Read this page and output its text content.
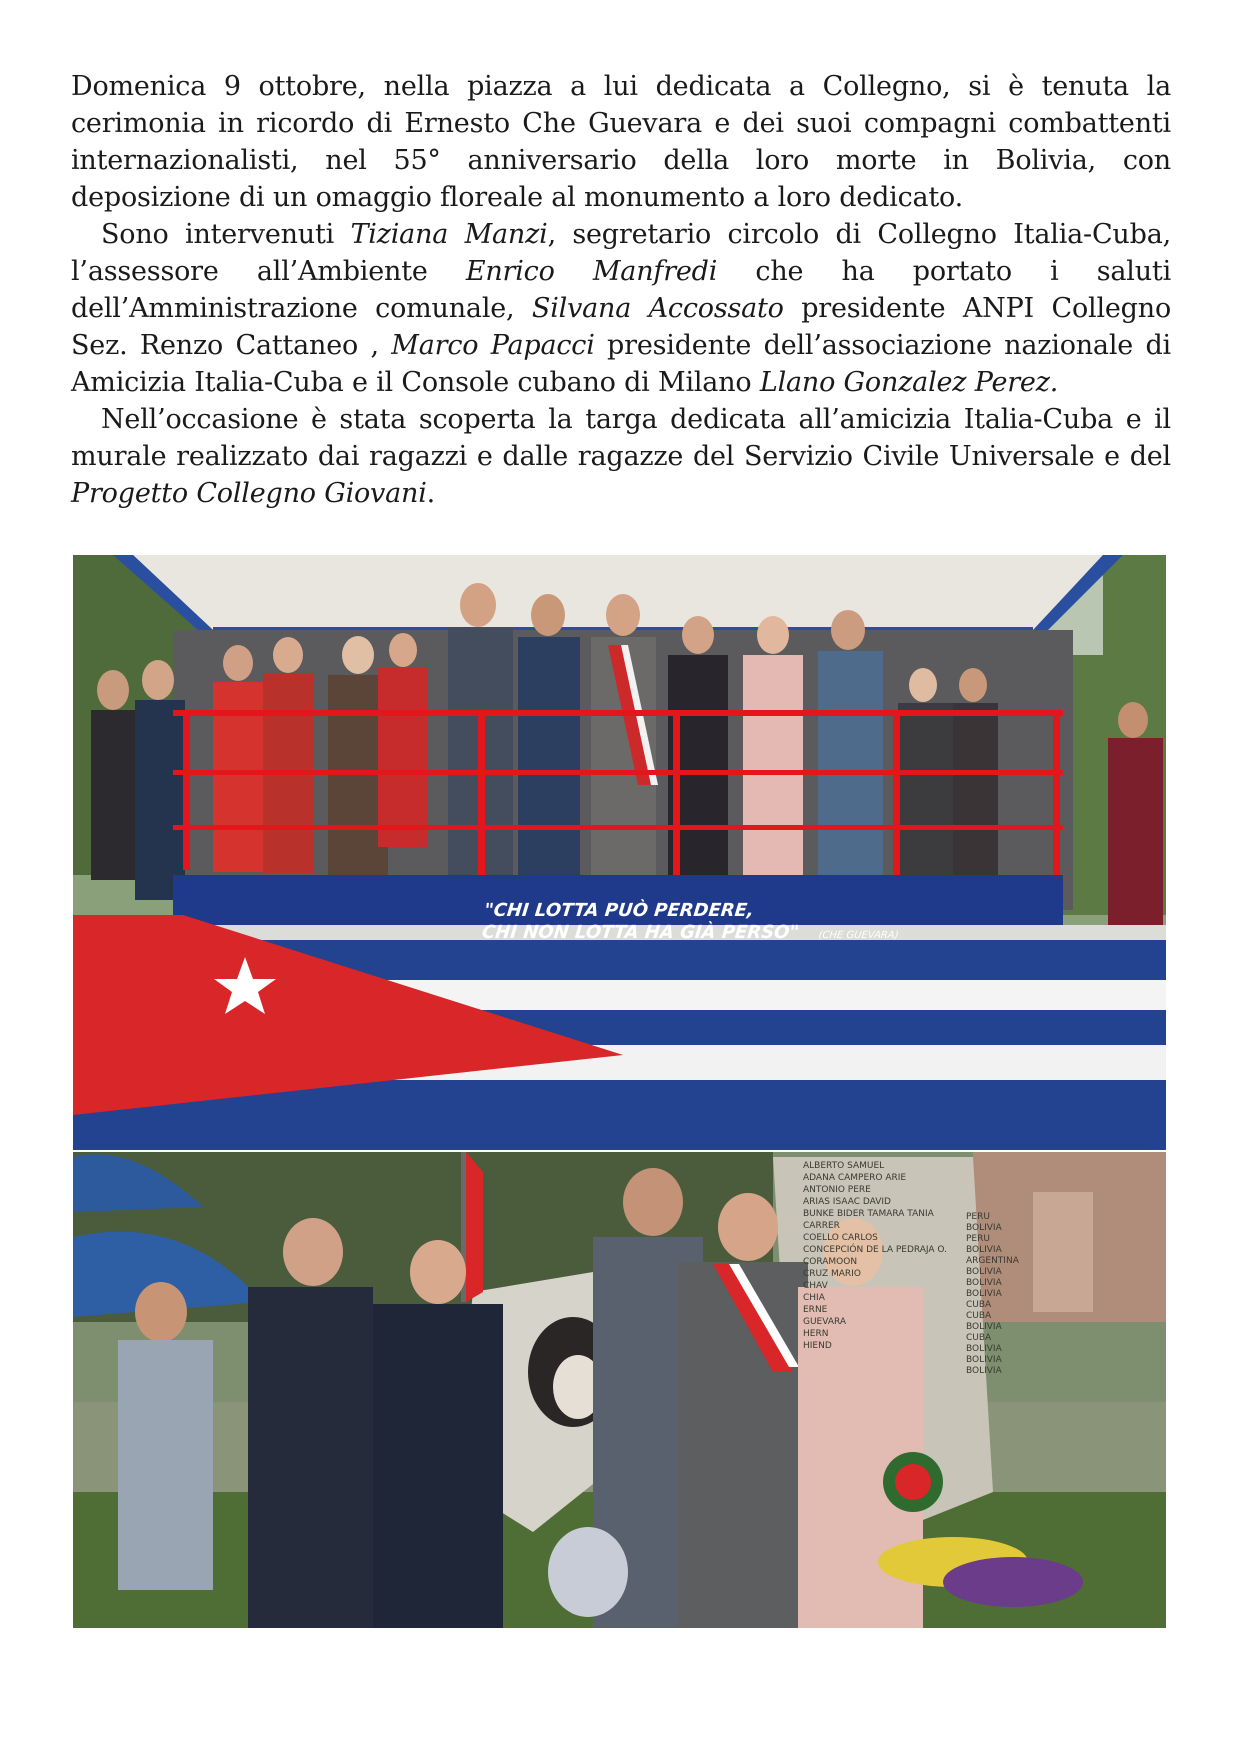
Domenica 9 ottobre, nella piazza a lui dedicata a Collegno, si è tenuta la cerimonia in ricordo di Ernesto Che Guevara e dei suoi compagni combattenti internazionalisti, nel 55° anniversario della loro morte in Bolivia, con deposizione di un omaggio floreale al monumento a loro dedicato.

Sono intervenuti Tiziana Manzi, segretario circolo di Collegno Italia-Cuba, l’assessore all’Ambiente Enrico Manfredi che ha portato i saluti dell’Amministrazione comunale, Silvana Accossato presidente ANPI Collegno Sez. Renzo Cattaneo , Marco Papacci presidente dell’associazione nazionale di Amicizia Italia-Cuba e il Console cubano di Milano Llano Gonzalez Perez.

Nell’occasione è stata scoperta la targa dedicata all’amicizia Italia-Cuba e il murale realizzato dai ragazzi e dalle ragazze del Servizio Civile Universale e del Progetto Collegno Giovani.

"CHI LOTTA PUÒ PERDERE,
CHI NON LOTTA HA GIÀ PERSO" (CHE GUEVARA)
ALBERTO SAMUEL
ADANA CAMPERO ARIE
ANTONIO PERE
ARIAS ISAAC DAVID
BUNKE BIDER TAMARA TANIA
CARRER
COELLO CARLOS
CONCEPCIÓN DE LA PEDRAJA O.
CORAMOON
CRUZ MARIO
CHAV
CHIA
ERNE
GUEVARA
HERN
HIEND
PERU
BOLIVIA
PERU
BOLIVIA
ARGENTINA
BOLIVIA
BOLIVIA
BOLIVIA
CUBA
CUBA
BOLIVIA
CUBA
BOLIVIA
BOLIVIA
BOLIVIA
